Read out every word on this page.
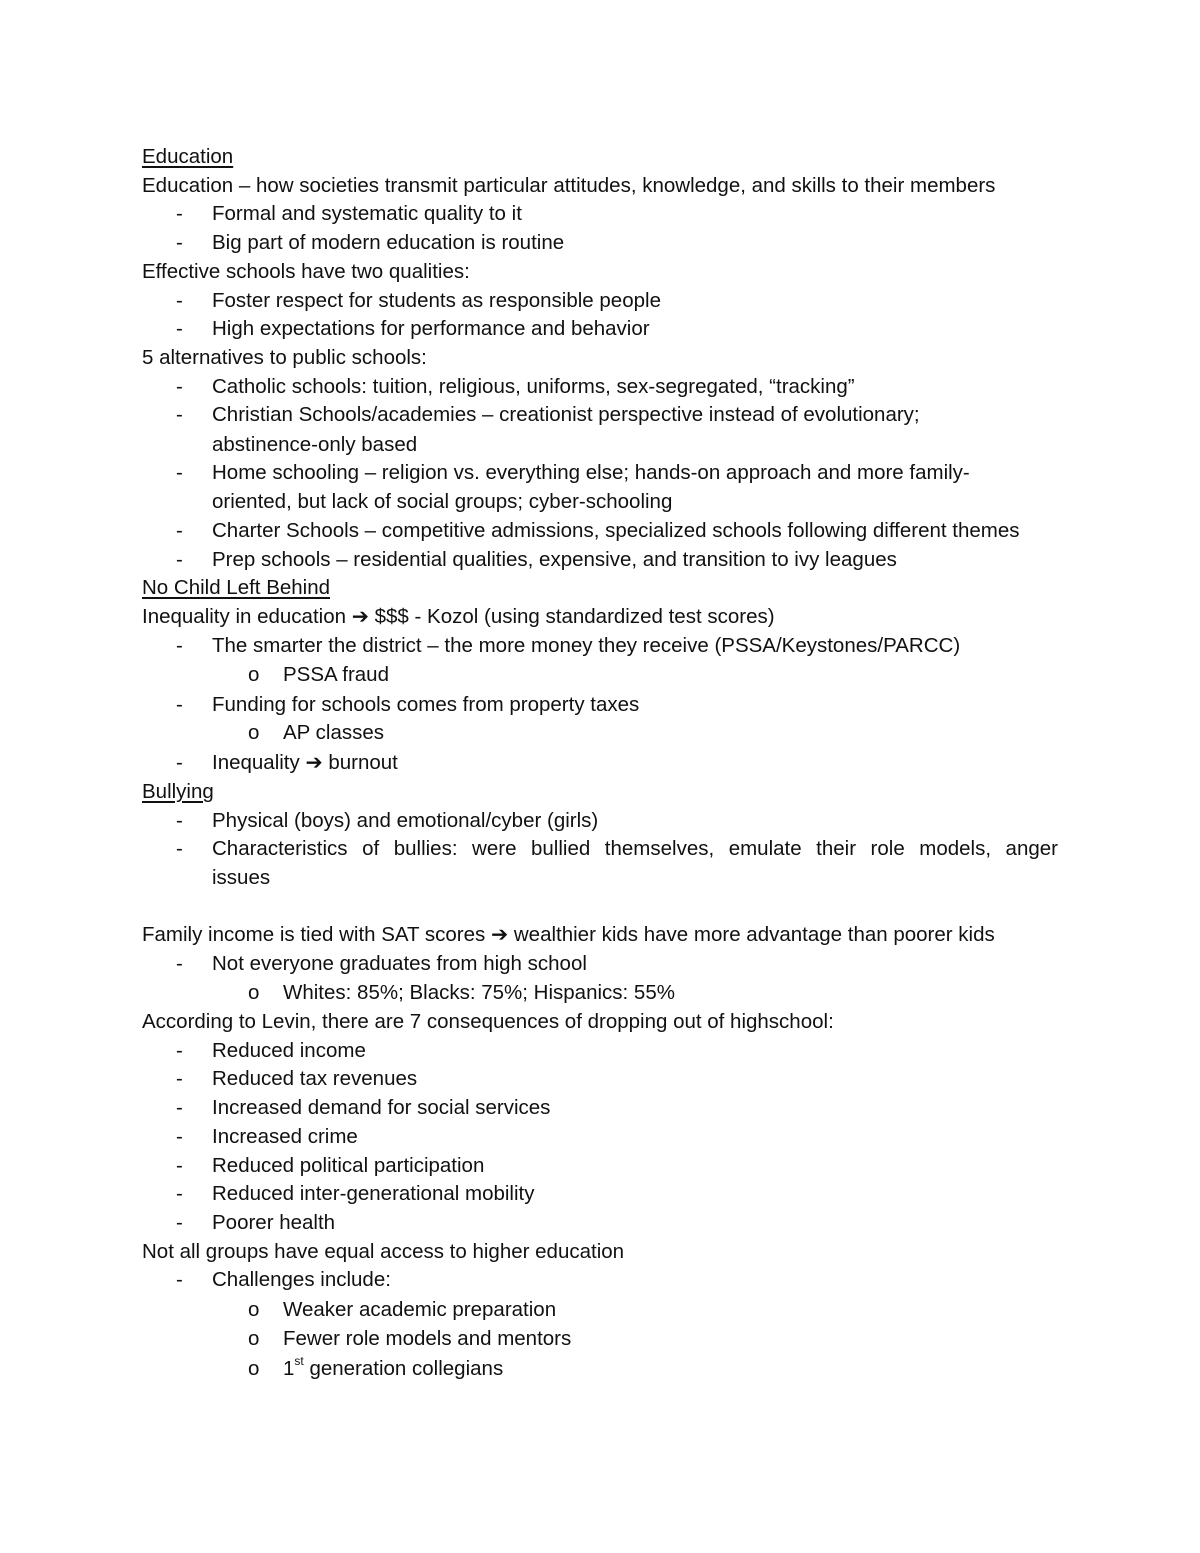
Education
Education – how societies transmit particular attitudes, knowledge, and skills to their members
- Formal and systematic quality to it
- Big part of modern education is routine
Effective schools have two qualities:
- Foster respect for students as responsible people
- High expectations for performance and behavior
5 alternatives to public schools:
- Catholic schools: tuition, religious, uniforms, sex-segregated, “tracking”
- Christian Schools/academies – creationist perspective instead of evolutionary;
abstinence-only based
- Home schooling – religion vs. everything else; hands-on approach and more family-
oriented, but lack of social groups; cyber-schooling
- Charter Schools – competitive admissions, specialized schools following different themes
- Prep schools – residential qualities, expensive, and transition to ivy leagues
No Child Left Behind
Inequality in education ➔ $$$ - Kozol (using standardized test scores)
- The smarter the district – the more money they receive (PSSA/Keystones/PARCC)
o PSSA fraud
- Funding for schools comes from property taxes
o AP classes
- Inequality ➔ burnout
Bullying
- Physical (boys) and emotional/cyber (girls)
- Characteristics of bullies: were bullied themselves, emulate their role models, anger
issues
Family income is tied with SAT scores ➔ wealthier kids have more advantage than poorer kids
- Not everyone graduates from high school
o Whites: 85%; Blacks: 75%; Hispanics: 55%
According to Levin, there are 7 consequences of dropping out of highschool:
- Reduced income
- Reduced tax revenues
- Increased demand for social services
- Increased crime
- Reduced political participation
- Reduced inter-generational mobility
- Poorer health
Not all groups have equal access to higher education
- Challenges include:
o Weaker academic preparation
o Fewer role models and mentors
o 1st generation collegians
